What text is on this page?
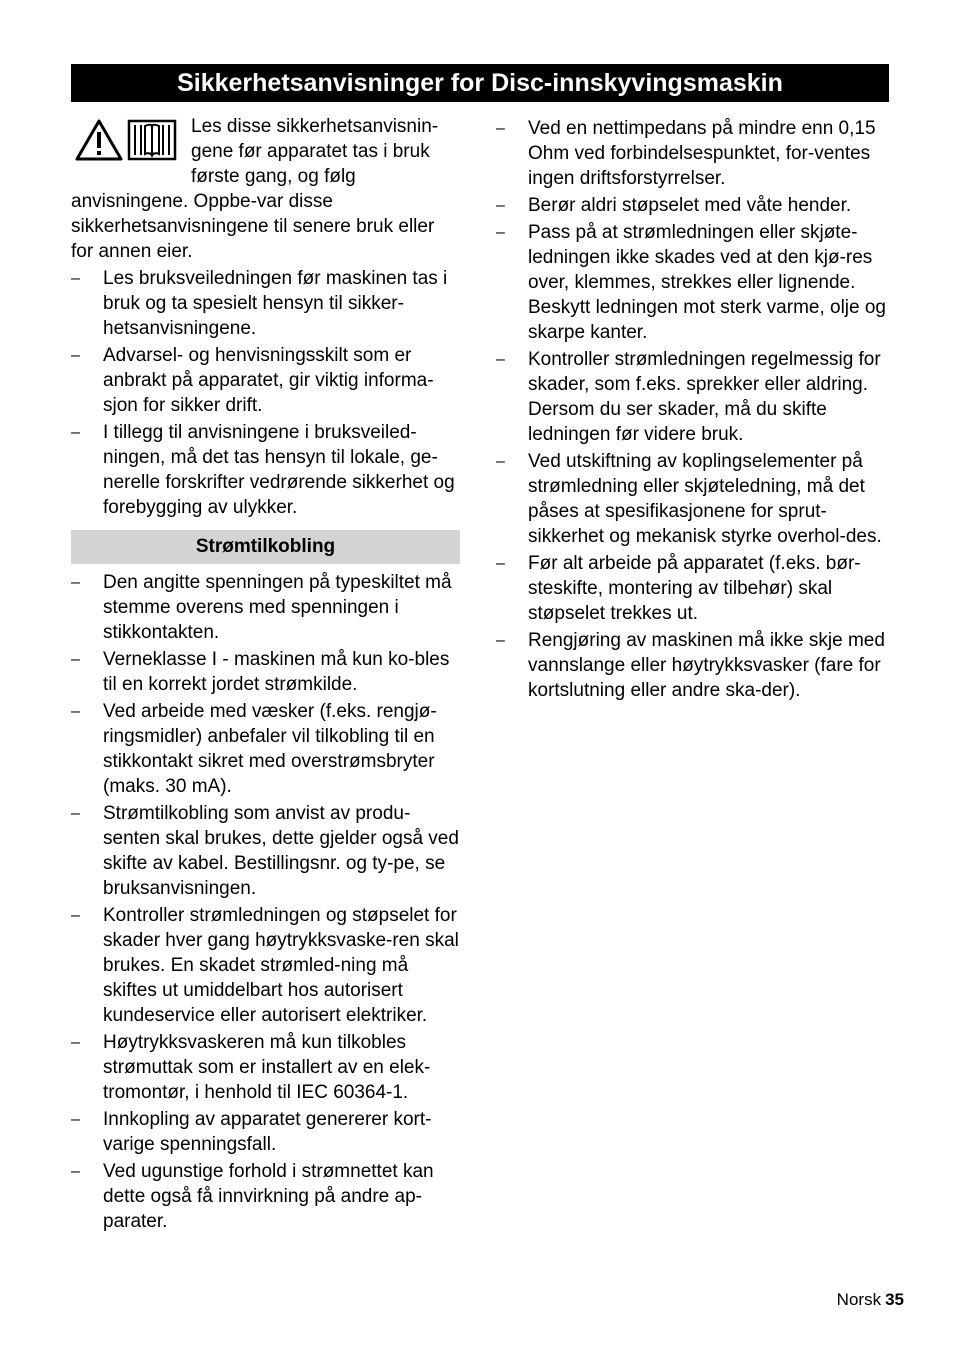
Sikkerhetsanvisninger for Disc-innskyvingsmaskin
Les disse sikkerhetsanvisnin-gene før apparatet tas i bruk første gang, og følg anvisningene. Oppbe-var disse sikkerhetsanvisningene til senere bruk eller for annen eier.
–	Les bruksveiledningen før maskinen tas i bruk og ta spesielt hensyn til sikker-hetsanvisningene.
–	Advarsel- og henvisningsskilt som er anbrakt på apparatet, gir viktig informa-sjon for sikker drift.
–	I tillegg til anvisningene i bruksveiled-ningen, må det tas hensyn til lokale, ge-nerelle forskrifter vedrørende sikkerhet og forebygging av ulykker.
Strømtilkobling
–	Den angitte spenningen på typeskiltet må stemme overens med spenningen i stikkontakten.
–	Verneklasse I - maskinen må kun ko-bles til en korrekt jordet strømkilde.
–	Ved arbeide med væsker (f.eks. rengjø-ringsmidler) anbefaler vil tilkobling til en stikkontakt sikret med overstrømsbryter (maks. 30 mA).
–	Strømtilkobling som anvist av produ-senten skal brukes, dette gjelder også ved skifte av kabel. Bestillingsnr. og ty-pe, se bruksanvisningen.
–	Kontroller strømledningen og støpselet for skader hver gang høytrykksvaske-ren skal brukes. En skadet strømled-ning må skiftes ut umiddelbart hos autorisert kundeservice eller autorisert elektriker.
–	Høytrykksvaskeren må kun tilkobles strømuttak som er installert av en elek-tromontør, i henhold til IEC 60364-1.
–	Innkopling av apparatet genererer kort-varige spenningsfall.
–	Ved ugunstige forhold i strømnettet kan dette også få innvirkning på andre ap-parater.
–	Ved en nettimpedans på mindre enn 0,15 Ohm ved forbindelsespunktet, for-ventes ingen driftsforstyrrelser.
–	Berør aldri støpselet med våte hender.
–	Pass på at strømledningen eller skjøte-ledningen ikke skades ved at den kjø-res over, klemmes, strekkes eller lignende. Beskytt ledningen mot sterk varme, olje og skarpe kanter.
–	Kontroller strømledningen regelmessig for skader, som f.eks. sprekker eller aldring. Dersom du ser skader, må du skifte ledningen før videre bruk.
–	Ved utskiftning av koplingselementer på strømledning eller skjøteledning, må det påses at spesifikasjonene for sprut-sikkerhet og mekanisk styrke overhol-des.
–	Før alt arbeide på apparatet (f.eks. bør-steskifte, montering av tilbehør) skal støpselet trekkes ut.
–	Rengjøring av maskinen må ikke skje med vannslange eller høytrykksvasker (fare for kortslutning eller andre ska-der).
Norsk 35
